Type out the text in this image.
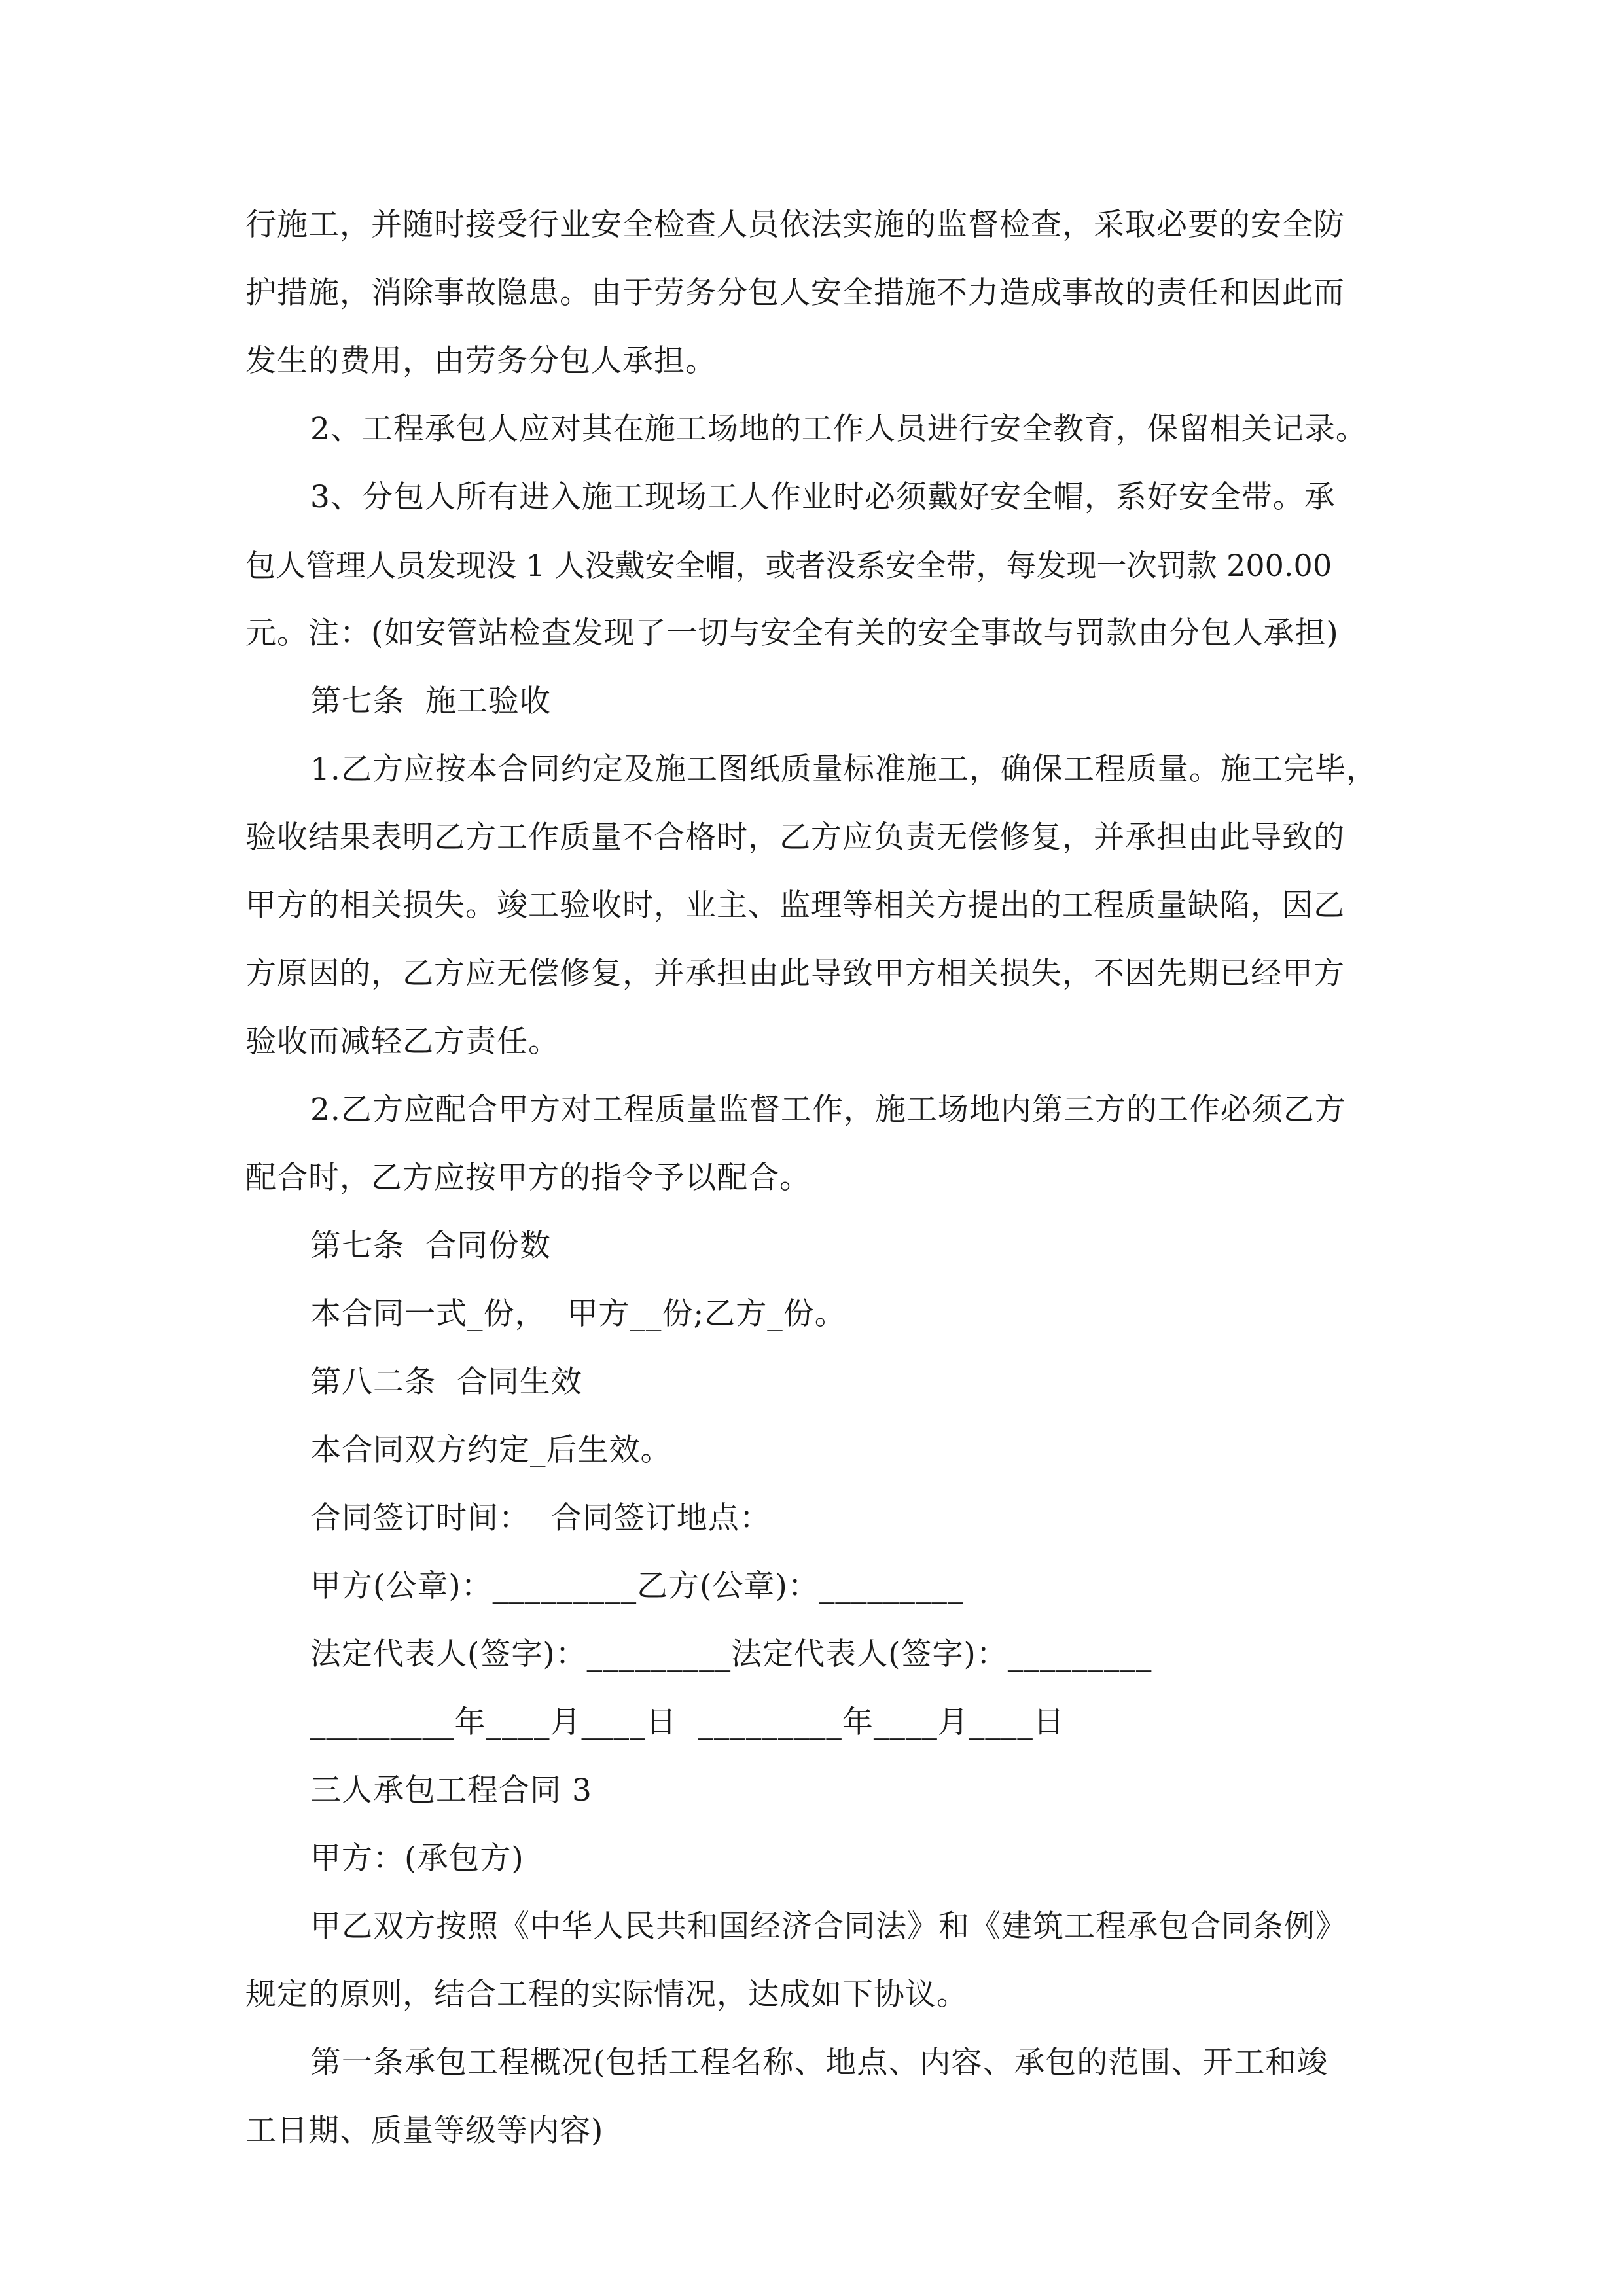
行施工，并随时接受行业安全检查人员依法实施的监督检查，采取必要的安全防
护措施，消除事故隐患。由于劳务分包人安全措施不力造成事故的责任和因此而
发生的费用，由劳务分包人承担。
2、工程承包人应对其在施工场地的工作人员进行安全教育，保留相关记录。
3、分包人所有进入施工现场工人作业时必须戴好安全帽，系好安全带。承
包人管理人员发现没 1 人没戴安全帽，或者没系安全带，每发现一次罚款 200.00
元。注：(如安管站检查发现了一切与安全有关的安全事故与罚款由分包人承担)
第七条  施工验收
1.乙方应按本合同约定及施工图纸质量标准施工，确保工程质量。施工完毕，
验收结果表明乙方工作质量不合格时，乙方应负责无偿修复，并承担由此导致的
甲方的相关损失。竣工验收时，业主、监理等相关方提出的工程质量缺陷，因乙
方原因的，乙方应无偿修复，并承担由此导致甲方相关损失，不因先期已经甲方
验收而减轻乙方责任。
2.乙方应配合甲方对工程质量监督工作，施工场地内第三方的工作必须乙方
配合时，乙方应按甲方的指令予以配合。
第七条  合同份数
本合同一式_份，  甲方__份;乙方_份。
第八二条  合同生效
本合同双方约定_后生效。
合同签订时间：  合同签订地点：
甲方(公章)：_________乙方(公章)：_________
法定代表人(签字)：_________法定代表人(签字)：_________
_________年____月____日  _________年____月____日
三人承包工程合同 3
甲方：(承包方)
甲乙双方按照《中华人民共和国经济合同法》和《建筑工程承包合同条例》
规定的原则，结合工程的实际情况，达成如下协议。
第一条承包工程概况(包括工程名称、地点、内容、承包的范围、开工和竣
工日期、质量等级等内容)
